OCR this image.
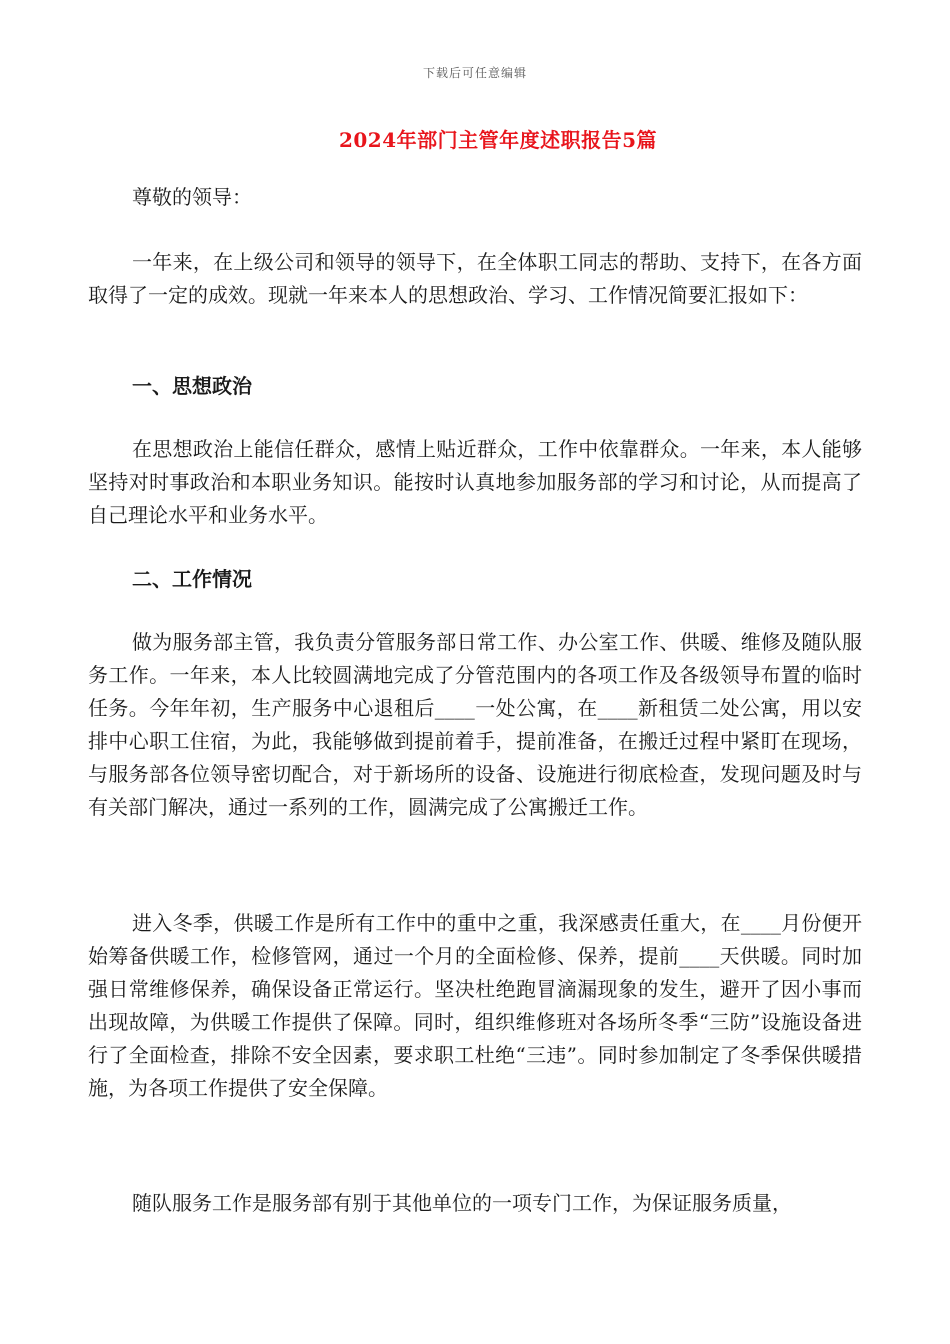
下载后可任意编辑
2024年部门主管年度述职报告5篇
尊敬的领导：
一年来，在上级公司和领导的领导下，在全体职工同志的帮助、支持下，在各方面取得了一定的成效。现就一年来本人的思想政治、学习、工作情况简要汇报如下：
一、思想政治
在思想政治上能信任群众，感情上贴近群众，工作中依靠群众。一年来，本人能够坚持对时事政治和本职业务知识。能按时认真地参加服务部的学习和讨论，从而提高了自己理论水平和业务水平。
二、工作情况
做为服务部主管，我负责分管服务部日常工作、办公室工作、供暖、维修及随队服务工作。一年来，本人比较圆满地完成了分管范围内的各项工作及各级领导布置的临时任务。今年年初，生产服务中心退租后____一处公寓，在____新租赁二处公寓，用以安排中心职工住宿，为此，我能够做到提前着手，提前准备，在搬迁过程中紧盯在现场，与服务部各位领导密切配合，对于新场所的设备、设施进行彻底检查，发现问题及时与有关部门解决，通过一系列的工作，圆满完成了公寓搬迁工作。
进入冬季，供暖工作是所有工作中的重中之重，我深感责任重大，在____月份便开始筹备供暖工作，检修管网，通过一个月的全面检修、保养，提前____天供暖。同时加强日常维修保养，确保设备正常运行。坚决杜绝跑冒滴漏现象的发生，避开了因小事而出现故障，为供暖工作提供了保障。同时，组织维修班对各场所冬季“三防”设施设备进行了全面检查，排除不安全因素，要求职工杜绝“三违”。同时参加制定了冬季保供暖措施，为各项工作提供了安全保障。
随队服务工作是服务部有别于其他单位的一项专门工作，为保证服务质量，
